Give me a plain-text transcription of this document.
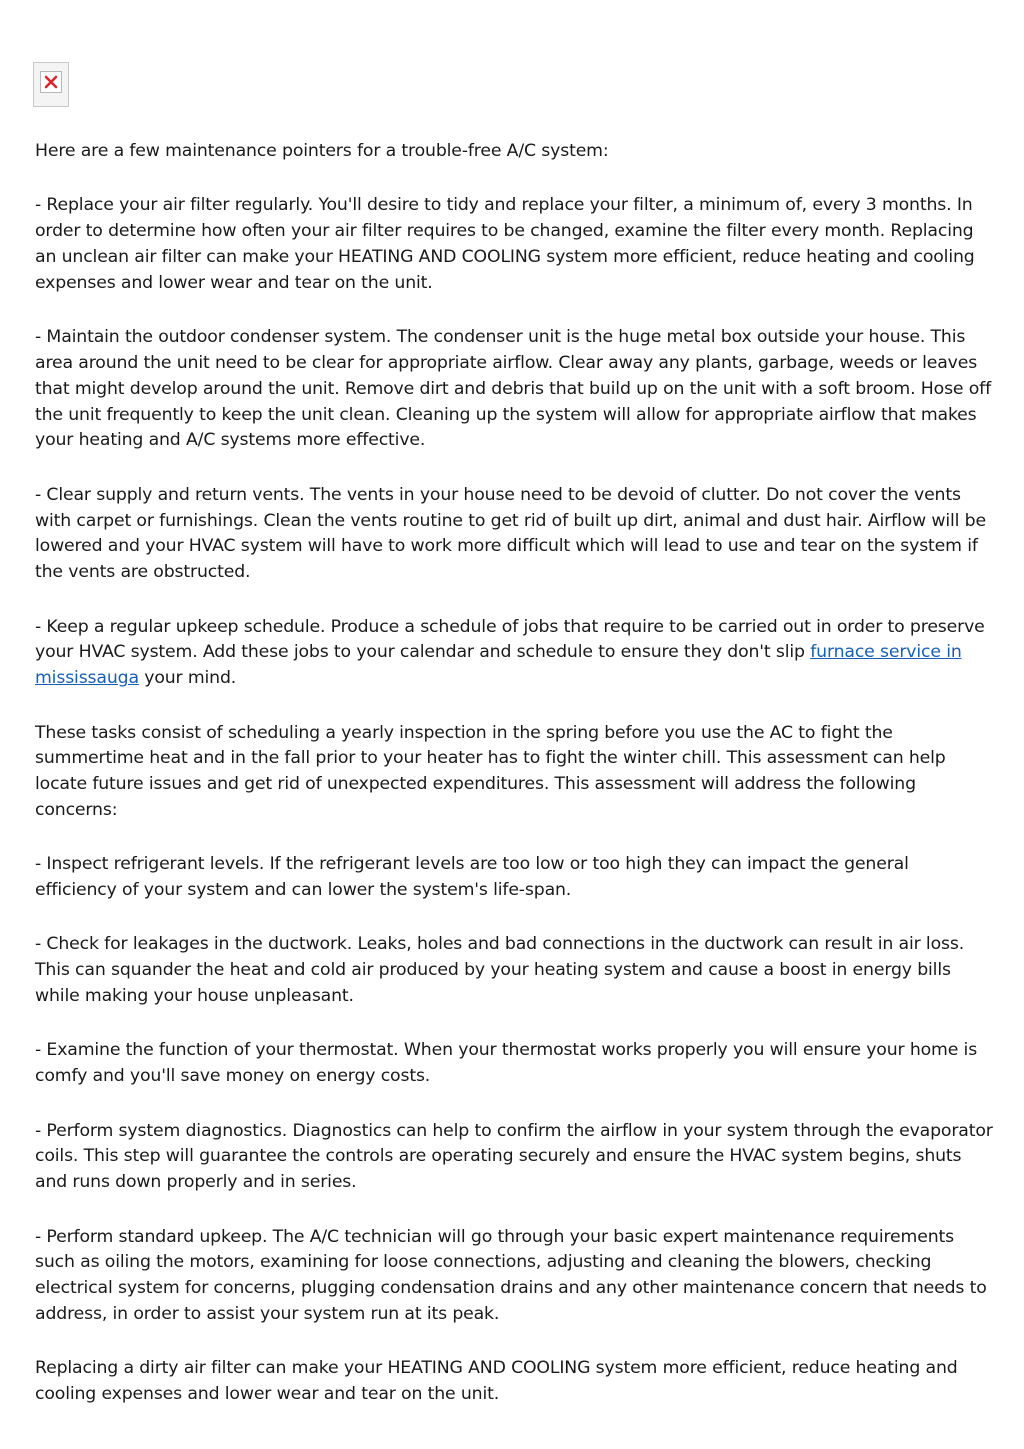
Here are a few maintenance pointers for a trouble-free A/C system:

- Replace your air filter regularly. You'll desire to tidy and replace your filter, a minimum of, every 3 months. In order to determine how often your air filter requires to be changed, examine the filter every month. Replacing an unclean air filter can make your HEATING AND COOLING system more efficient, reduce heating and cooling expenses and lower wear and tear on the unit.

- Maintain the outdoor condenser system. The condenser unit is the huge metal box outside your house. This area around the unit need to be clear for appropriate airflow. Clear away any plants, garbage, weeds or leaves that might develop around the unit. Remove dirt and debris that build up on the unit with a soft broom. Hose off the unit frequently to keep the unit clean. Cleaning up the system will allow for appropriate airflow that makes your heating and A/C systems more effective.

- Clear supply and return vents. The vents in your house need to be devoid of clutter. Do not cover the vents with carpet or furnishings. Clean the vents routine to get rid of built up dirt, animal and dust hair. Airflow will be lowered and your HVAC system will have to work more difficult which will lead to use and tear on the system if the vents are obstructed.

- Keep a regular upkeep schedule. Produce a schedule of jobs that require to be carried out in order to preserve your HVAC system. Add these jobs to your calendar and schedule to ensure they don't slip furnace service in mississauga your mind.

These tasks consist of scheduling a yearly inspection in the spring before you use the AC to fight the summertime heat and in the fall prior to your heater has to fight the winter chill. This assessment can help locate future issues and get rid of unexpected expenditures. This assessment will address the following concerns:

- Inspect refrigerant levels. If the refrigerant levels are too low or too high they can impact the general efficiency of your system and can lower the system's life-span.

- Check for leakages in the ductwork. Leaks, holes and bad connections in the ductwork can result in air loss. This can squander the heat and cold air produced by your heating system and cause a boost in energy bills while making your house unpleasant.

- Examine the function of your thermostat. When your thermostat works properly you will ensure your home is comfy and you'll save money on energy costs.

- Perform system diagnostics. Diagnostics can help to confirm the airflow in your system through the evaporator coils. This step will guarantee the controls are operating securely and ensure the HVAC system begins, shuts and runs down properly and in series.

- Perform standard upkeep. The A/C technician will go through your basic expert maintenance requirements such as oiling the motors, examining for loose connections, adjusting and cleaning the blowers, checking electrical system for concerns, plugging condensation drains and any other maintenance concern that needs to address, in order to assist your system run at its peak.

Replacing a dirty air filter can make your HEATING AND COOLING system more efficient, reduce heating and cooling expenses and lower wear and tear on the unit.
